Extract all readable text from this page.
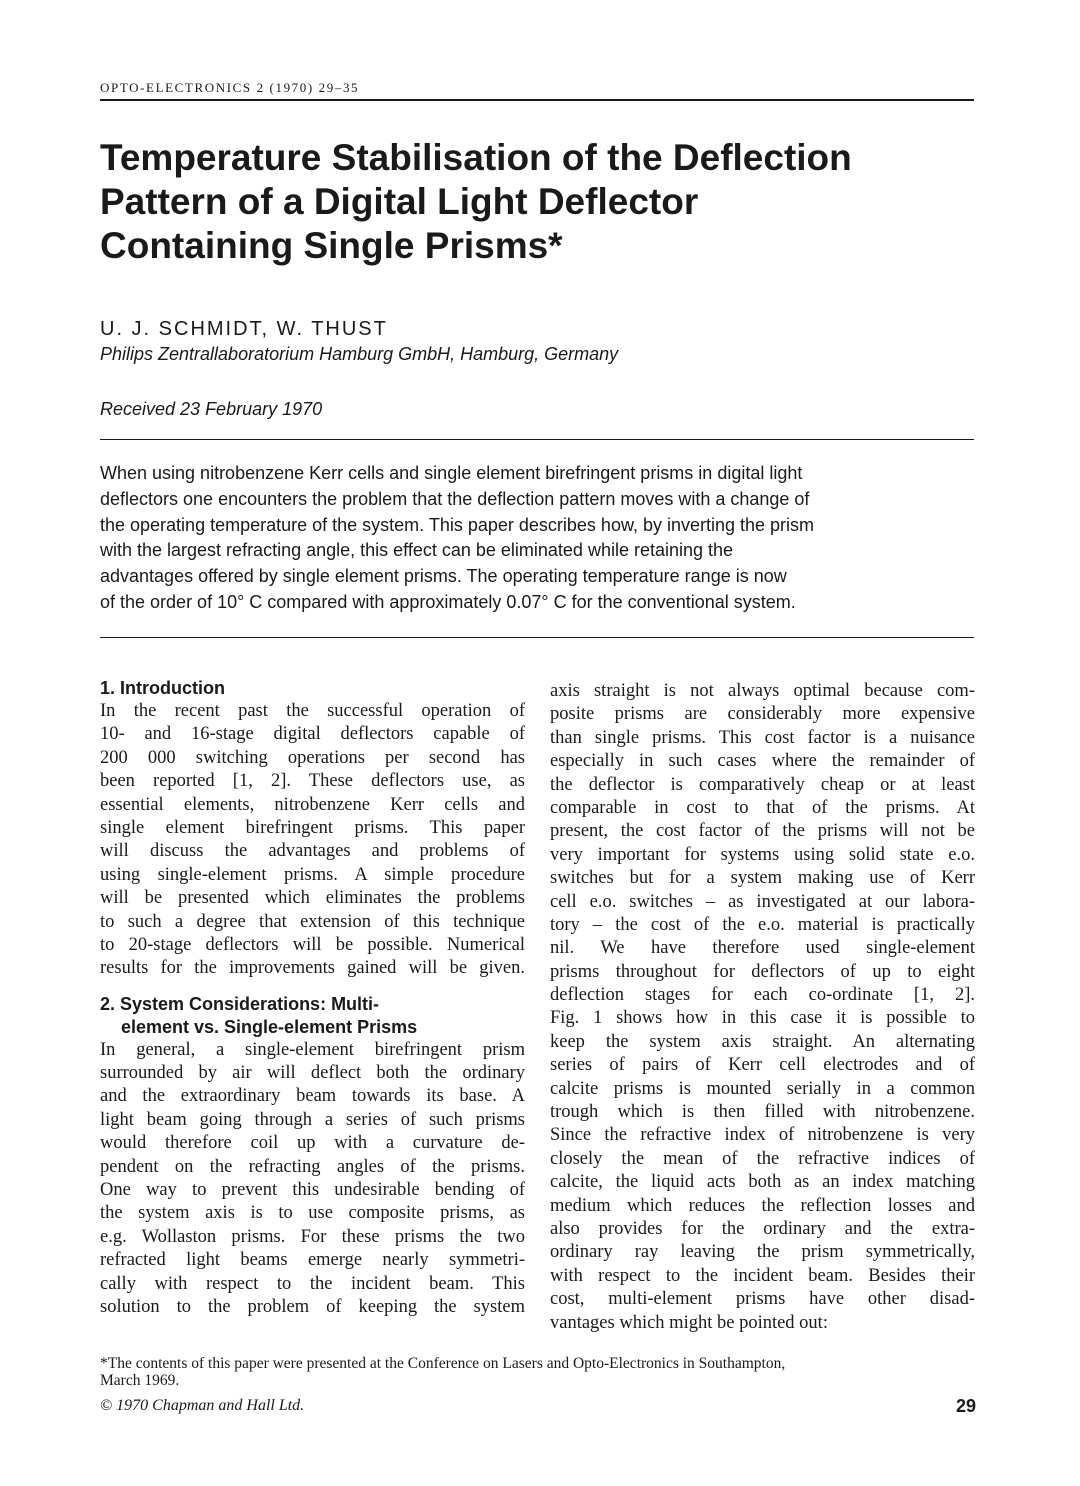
OPTO-ELECTRONICS 2 (1970) 29–35
Temperature Stabilisation of the Deflection
Pattern of a Digital Light Deflector
Containing Single Prisms*
U. J. SCHMIDT, W. THUST
Philips Zentrallaboratorium Hamburg GmbH, Hamburg, Germany
Received 23 February 1970
When using nitrobenzene Kerr cells and single element birefringent prisms in digital light
deflectors one encounters the problem that the deflection pattern moves with a change of
the operating temperature of the system. This paper describes how, by inverting the prism
with the largest refracting angle, this effect can be eliminated while retaining the
advantages offered by single element prisms. The operating temperature range is now
of the order of 10° C compared with approximately 0.07° C for the conventional system.
1. Introduction
In the recent past the successful operation of
10- and 16-stage digital deflectors capable of
200 000 switching operations per second has
been reported [1, 2]. These deflectors use, as
essential elements, nitrobenzene Kerr cells and
single element birefringent prisms. This paper
will discuss the advantages and problems of
using single-element prisms. A simple procedure
will be presented which eliminates the problems
to such a degree that extension of this technique
to 20-stage deflectors will be possible. Numerical
results for the improvements gained will be given.
2. System Considerations: Multi-
element vs. Single-element Prisms
In general, a single-element birefringent prism
surrounded by air will deflect both the ordinary
and the extraordinary beam towards its base. A
light beam going through a series of such prisms
would therefore coil up with a curvature de-
pendent on the refracting angles of the prisms.
One way to prevent this undesirable bending of
the system axis is to use composite prisms, as
e.g. Wollaston prisms. For these prisms the two
refracted light beams emerge nearly symmetri-
cally with respect to the incident beam. This
solution to the problem of keeping the system
axis straight is not always optimal because com-
posite prisms are considerably more expensive
than single prisms. This cost factor is a nuisance
especially in such cases where the remainder of
the deflector is comparatively cheap or at least
comparable in cost to that of the prisms. At
present, the cost factor of the prisms will not be
very important for systems using solid state e.o.
switches but for a system making use of Kerr
cell e.o. switches – as investigated at our labora-
tory – the cost of the e.o. material is practically
nil. We have therefore used single-element
prisms throughout for deflectors of up to eight
deflection stages for each co-ordinate [1, 2].
Fig. 1 shows how in this case it is possible to
keep the system axis straight. An alternating
series of pairs of Kerr cell electrodes and of
calcite prisms is mounted serially in a common
trough which is then filled with nitrobenzene.
Since the refractive index of nitrobenzene is very
closely the mean of the refractive indices of
calcite, the liquid acts both as an index matching
medium which reduces the reflection losses and
also provides for the ordinary and the extra-
ordinary ray leaving the prism symmetrically,
with respect to the incident beam. Besides their
cost, multi-element prisms have other disad-
vantages which might be pointed out:
*The contents of this paper were presented at the Conference on Lasers and Opto-Electronics in Southampton,
March 1969.
© 1970 Chapman and Hall Ltd.	29
